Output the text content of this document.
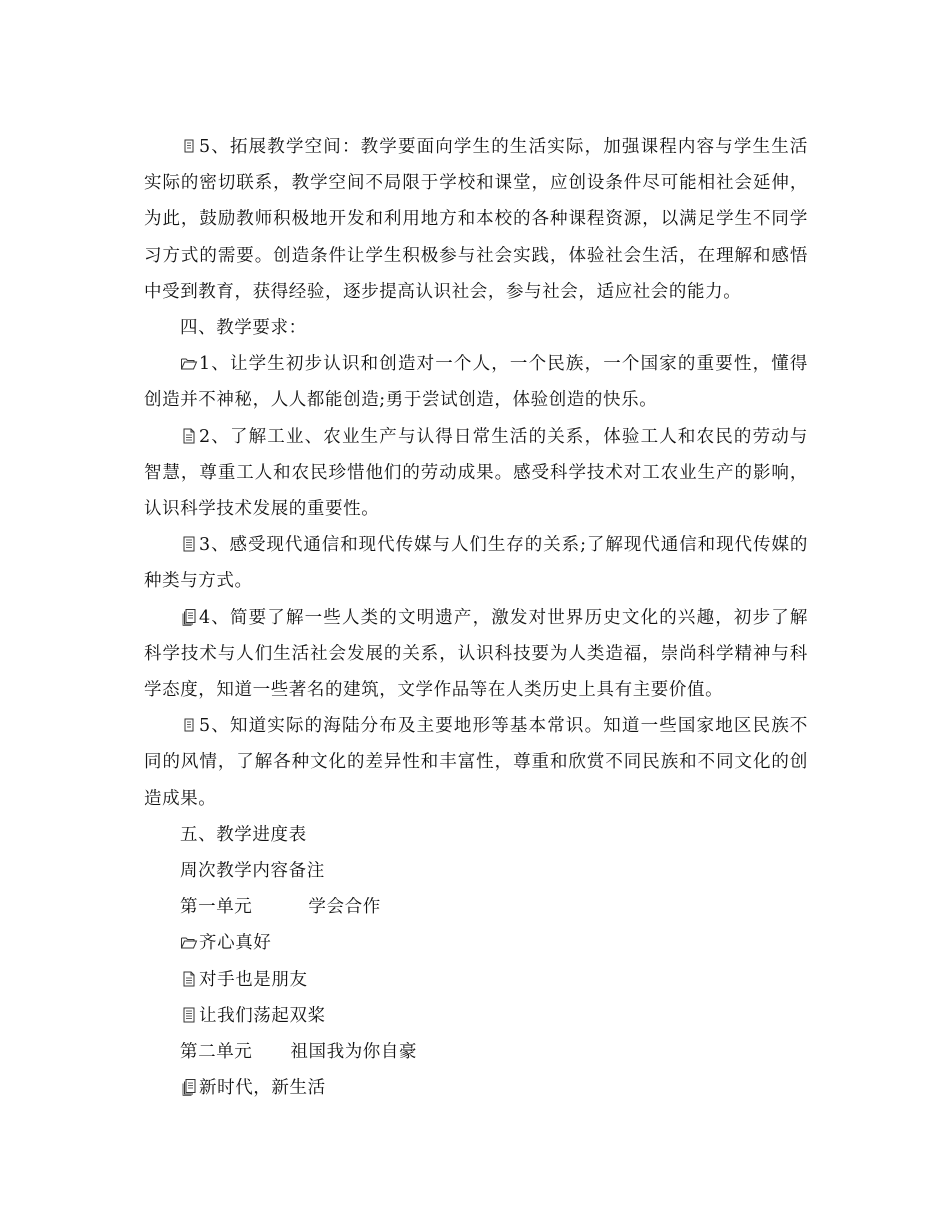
5、拓展教学空间：教学要面向学生的生活实际，加强课程内容与学生生活实际的密切联系，教学空间不局限于学校和课堂，应创设条件尽可能相社会延伸，为此，鼓励教师积极地开发和利用地方和本校的各种课程资源，以满足学生不同学习方式的需要。创造条件让学生积极参与社会实践，体验社会生活，在理解和感悟中受到教育，获得经验，逐步提高认识社会，参与社会，适应社会的能力。

四、教学要求：

1、让学生初步认识和创造对一个人，一个民族，一个国家的重要性，懂得创造并不神秘，人人都能创造;勇于尝试创造，体验创造的快乐。

2、了解工业、农业生产与认得日常生活的关系，体验工人和农民的劳动与智慧，尊重工人和农民珍惜他们的劳动成果。感受科学技术对工农业生产的影响，认识科学技术发展的重要性。

3、感受现代通信和现代传媒与人们生存的关系;了解现代通信和现代传媒的种类与方式。

4、简要了解一些人类的文明遗产，激发对世界历史文化的兴趣，初步了解科学技术与人们生活社会发展的关系，认识科技要为人类造福，崇尚科学精神与科学态度，知道一些著名的建筑，文学作品等在人类历史上具有主要价值。

5、知道实际的海陆分布及主要地形等基本常识。知道一些国家地区民族不同的风情，了解各种文化的差异性和丰富性，尊重和欣赏不同民族和不同文化的创造成果。

五、教学进度表

周次教学内容备注

第一单元	学会合作

齐心真好

对手也是朋友

让我们荡起双桨

第二单元 祖国我为你自豪

新时代，新生活
